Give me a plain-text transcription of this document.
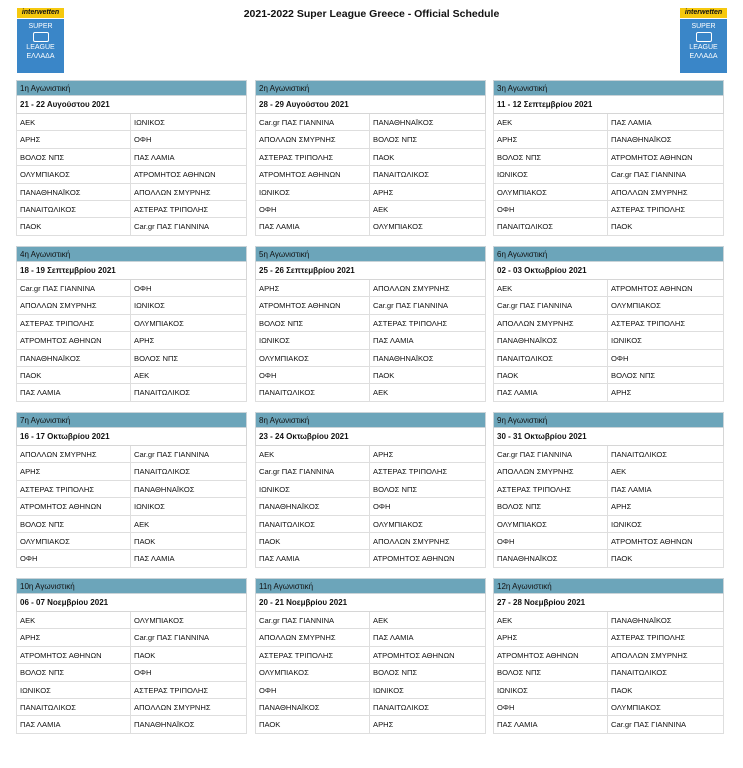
2021-2022 Super League Greece - Official Schedule
interwetten
SUPER
LEAGUE
ΕΛΛΑΔΑ
interwetten
SUPER
LEAGUE
ΕΛΛΑΔΑ
1η Αγωνιστική
21 - 22 Αυγούστου 2021
ΑΕΚ	ΙΩΝΙΚΟΣ
ΑΡΗΣ	ΟΦΗ
ΒΟΛΟΣ ΝΠΣ	ΠΑΣ ΛΑΜΙΑ
ΟΛΥΜΠΙΑΚΟΣ	ΑΤΡΟΜΗΤΟΣ ΑΘΗΝΩΝ
ΠΑΝΑΘΗΝΑΪΚΟΣ	ΑΠΟΛΛΩΝ ΣΜΥΡΝΗΣ
ΠΑΝΑΙΤΩΛΙΚΟΣ	ΑΣΤΕΡΑΣ ΤΡΙΠΟΛΗΣ
ΠΑΟΚ	Car.gr ΠΑΣ ΓΙΑΝΝΙΝΑ
2η Αγωνιστική
28 - 29 Αυγούστου 2021
Car.gr ΠΑΣ ΓΙΑΝΝΙΝΑ	ΠΑΝΑΘΗΝΑΪΚΟΣ
ΑΠΟΛΛΩΝ ΣΜΥΡΝΗΣ	ΒΟΛΟΣ ΝΠΣ
ΑΣΤΕΡΑΣ ΤΡΙΠΟΛΗΣ	ΠΑΟΚ
ΑΤΡΟΜΗΤΟΣ ΑΘΗΝΩΝ	ΠΑΝΑΙΤΩΛΙΚΟΣ
ΙΩΝΙΚΟΣ	ΑΡΗΣ
ΟΦΗ	ΑΕΚ
ΠΑΣ ΛΑΜΙΑ	ΟΛΥΜΠΙΑΚΟΣ
3η Αγωνιστική
11 - 12 Σεπτεμβρίου 2021
ΑΕΚ	ΠΑΣ ΛΑΜΙΑ
ΑΡΗΣ	ΠΑΝΑΘΗΝΑΪΚΟΣ
ΒΟΛΟΣ ΝΠΣ	ΑΤΡΟΜΗΤΟΣ ΑΘΗΝΩΝ
ΙΩΝΙΚΟΣ	Car.gr ΠΑΣ ΓΙΑΝΝΙΝΑ
ΟΛΥΜΠΙΑΚΟΣ	ΑΠΟΛΛΩΝ ΣΜΥΡΝΗΣ
ΟΦΗ	ΑΣΤΕΡΑΣ ΤΡΙΠΟΛΗΣ
ΠΑΝΑΙΤΩΛΙΚΟΣ	ΠΑΟΚ
4η Αγωνιστική
18 - 19 Σεπτεμβρίου 2021
Car.gr ΠΑΣ ΓΙΑΝΝΙΝΑ	ΟΦΗ
ΑΠΟΛΛΩΝ ΣΜΥΡΝΗΣ	ΙΩΝΙΚΟΣ
ΑΣΤΕΡΑΣ ΤΡΙΠΟΛΗΣ	ΟΛΥΜΠΙΑΚΟΣ
ΑΤΡΟΜΗΤΟΣ ΑΘΗΝΩΝ	ΑΡΗΣ
ΠΑΝΑΘΗΝΑΪΚΟΣ	ΒΟΛΟΣ ΝΠΣ
ΠΑΟΚ	ΑΕΚ
ΠΑΣ ΛΑΜΙΑ	ΠΑΝΑΙΤΩΛΙΚΟΣ
5η Αγωνιστική
25 - 26 Σεπτεμβρίου 2021
ΑΡΗΣ	ΑΠΟΛΛΩΝ ΣΜΥΡΝΗΣ
ΑΤΡΟΜΗΤΟΣ ΑΘΗΝΩΝ	Car.gr ΠΑΣ ΓΙΑΝΝΙΝΑ
ΒΟΛΟΣ ΝΠΣ	ΑΣΤΕΡΑΣ ΤΡΙΠΟΛΗΣ
ΙΩΝΙΚΟΣ	ΠΑΣ ΛΑΜΙΑ
ΟΛΥΜΠΙΑΚΟΣ	ΠΑΝΑΘΗΝΑΪΚΟΣ
ΟΦΗ	ΠΑΟΚ
ΠΑΝΑΙΤΩΛΙΚΟΣ	ΑΕΚ
6η Αγωνιστική
02 - 03 Οκτωβρίου 2021
ΑΕΚ	ΑΤΡΟΜΗΤΟΣ ΑΘΗΝΩΝ
Car.gr ΠΑΣ ΓΙΑΝΝΙΝΑ	ΟΛΥΜΠΙΑΚΟΣ
ΑΠΟΛΛΩΝ ΣΜΥΡΝΗΣ	ΑΣΤΕΡΑΣ ΤΡΙΠΟΛΗΣ
ΠΑΝΑΘΗΝΑΪΚΟΣ	ΙΩΝΙΚΟΣ
ΠΑΝΑΙΤΩΛΙΚΟΣ	ΟΦΗ
ΠΑΟΚ	ΒΟΛΟΣ ΝΠΣ
ΠΑΣ ΛΑΜΙΑ	ΑΡΗΣ
7η Αγωνιστική
16 - 17 Οκτωβρίου 2021
ΑΠΟΛΛΩΝ ΣΜΥΡΝΗΣ	Car.gr ΠΑΣ ΓΙΑΝΝΙΝΑ
ΑΡΗΣ	ΠΑΝΑΙΤΩΛΙΚΟΣ
ΑΣΤΕΡΑΣ ΤΡΙΠΟΛΗΣ	ΠΑΝΑΘΗΝΑΪΚΟΣ
ΑΤΡΟΜΗΤΟΣ ΑΘΗΝΩΝ	ΙΩΝΙΚΟΣ
ΒΟΛΟΣ ΝΠΣ	ΑΕΚ
ΟΛΥΜΠΙΑΚΟΣ	ΠΑΟΚ
ΟΦΗ	ΠΑΣ ΛΑΜΙΑ
8η Αγωνιστική
23 - 24 Οκτωβρίου 2021
ΑΕΚ	ΑΡΗΣ
Car.gr ΠΑΣ ΓΙΑΝΝΙΝΑ	ΑΣΤΕΡΑΣ ΤΡΙΠΟΛΗΣ
ΙΩΝΙΚΟΣ	ΒΟΛΟΣ ΝΠΣ
ΠΑΝΑΘΗΝΑΪΚΟΣ	ΟΦΗ
ΠΑΝΑΙΤΩΛΙΚΟΣ	ΟΛΥΜΠΙΑΚΟΣ
ΠΑΟΚ	ΑΠΟΛΛΩΝ ΣΜΥΡΝΗΣ
ΠΑΣ ΛΑΜΙΑ	ΑΤΡΟΜΗΤΟΣ ΑΘΗΝΩΝ
9η Αγωνιστική
30 - 31 Οκτωβρίου 2021
Car.gr ΠΑΣ ΓΙΑΝΝΙΝΑ	ΠΑΝΑΙΤΩΛΙΚΟΣ
ΑΠΟΛΛΩΝ ΣΜΥΡΝΗΣ	ΑΕΚ
ΑΣΤΕΡΑΣ ΤΡΙΠΟΛΗΣ	ΠΑΣ ΛΑΜΙΑ
ΒΟΛΟΣ ΝΠΣ	ΑΡΗΣ
ΟΛΥΜΠΙΑΚΟΣ	ΙΩΝΙΚΟΣ
ΟΦΗ	ΑΤΡΟΜΗΤΟΣ ΑΘΗΝΩΝ
ΠΑΝΑΘΗΝΑΪΚΟΣ	ΠΑΟΚ
10η Αγωνιστική
06 - 07 Νοεμβρίου 2021
ΑΕΚ	ΟΛΥΜΠΙΑΚΟΣ
ΑΡΗΣ	Car.gr ΠΑΣ ΓΙΑΝΝΙΝΑ
ΑΤΡΟΜΗΤΟΣ ΑΘΗΝΩΝ	ΠΑΟΚ
ΒΟΛΟΣ ΝΠΣ	ΟΦΗ
ΙΩΝΙΚΟΣ	ΑΣΤΕΡΑΣ ΤΡΙΠΟΛΗΣ
ΠΑΝΑΙΤΩΛΙΚΟΣ	ΑΠΟΛΛΩΝ ΣΜΥΡΝΗΣ
ΠΑΣ ΛΑΜΙΑ	ΠΑΝΑΘΗΝΑΪΚΟΣ
11η Αγωνιστική
20 - 21 Νοεμβρίου 2021
Car.gr ΠΑΣ ΓΙΑΝΝΙΝΑ	ΑΕΚ
ΑΠΟΛΛΩΝ ΣΜΥΡΝΗΣ	ΠΑΣ ΛΑΜΙΑ
ΑΣΤΕΡΑΣ ΤΡΙΠΟΛΗΣ	ΑΤΡΟΜΗΤΟΣ ΑΘΗΝΩΝ
ΟΛΥΜΠΙΑΚΟΣ	ΒΟΛΟΣ ΝΠΣ
ΟΦΗ	ΙΩΝΙΚΟΣ
ΠΑΝΑΘΗΝΑΪΚΟΣ	ΠΑΝΑΙΤΩΛΙΚΟΣ
ΠΑΟΚ	ΑΡΗΣ
12η Αγωνιστική
27 - 28 Νοεμβρίου 2021
ΑΕΚ	ΠΑΝΑΘΗΝΑΪΚΟΣ
ΑΡΗΣ	ΑΣΤΕΡΑΣ ΤΡΙΠΟΛΗΣ
ΑΤΡΟΜΗΤΟΣ ΑΘΗΝΩΝ	ΑΠΟΛΛΩΝ ΣΜΥΡΝΗΣ
ΒΟΛΟΣ ΝΠΣ	ΠΑΝΑΙΤΩΛΙΚΟΣ
ΙΩΝΙΚΟΣ	ΠΑΟΚ
ΟΦΗ	ΟΛΥΜΠΙΑΚΟΣ
ΠΑΣ ΛΑΜΙΑ	Car.gr ΠΑΣ ΓΙΑΝΝΙΝΑ
